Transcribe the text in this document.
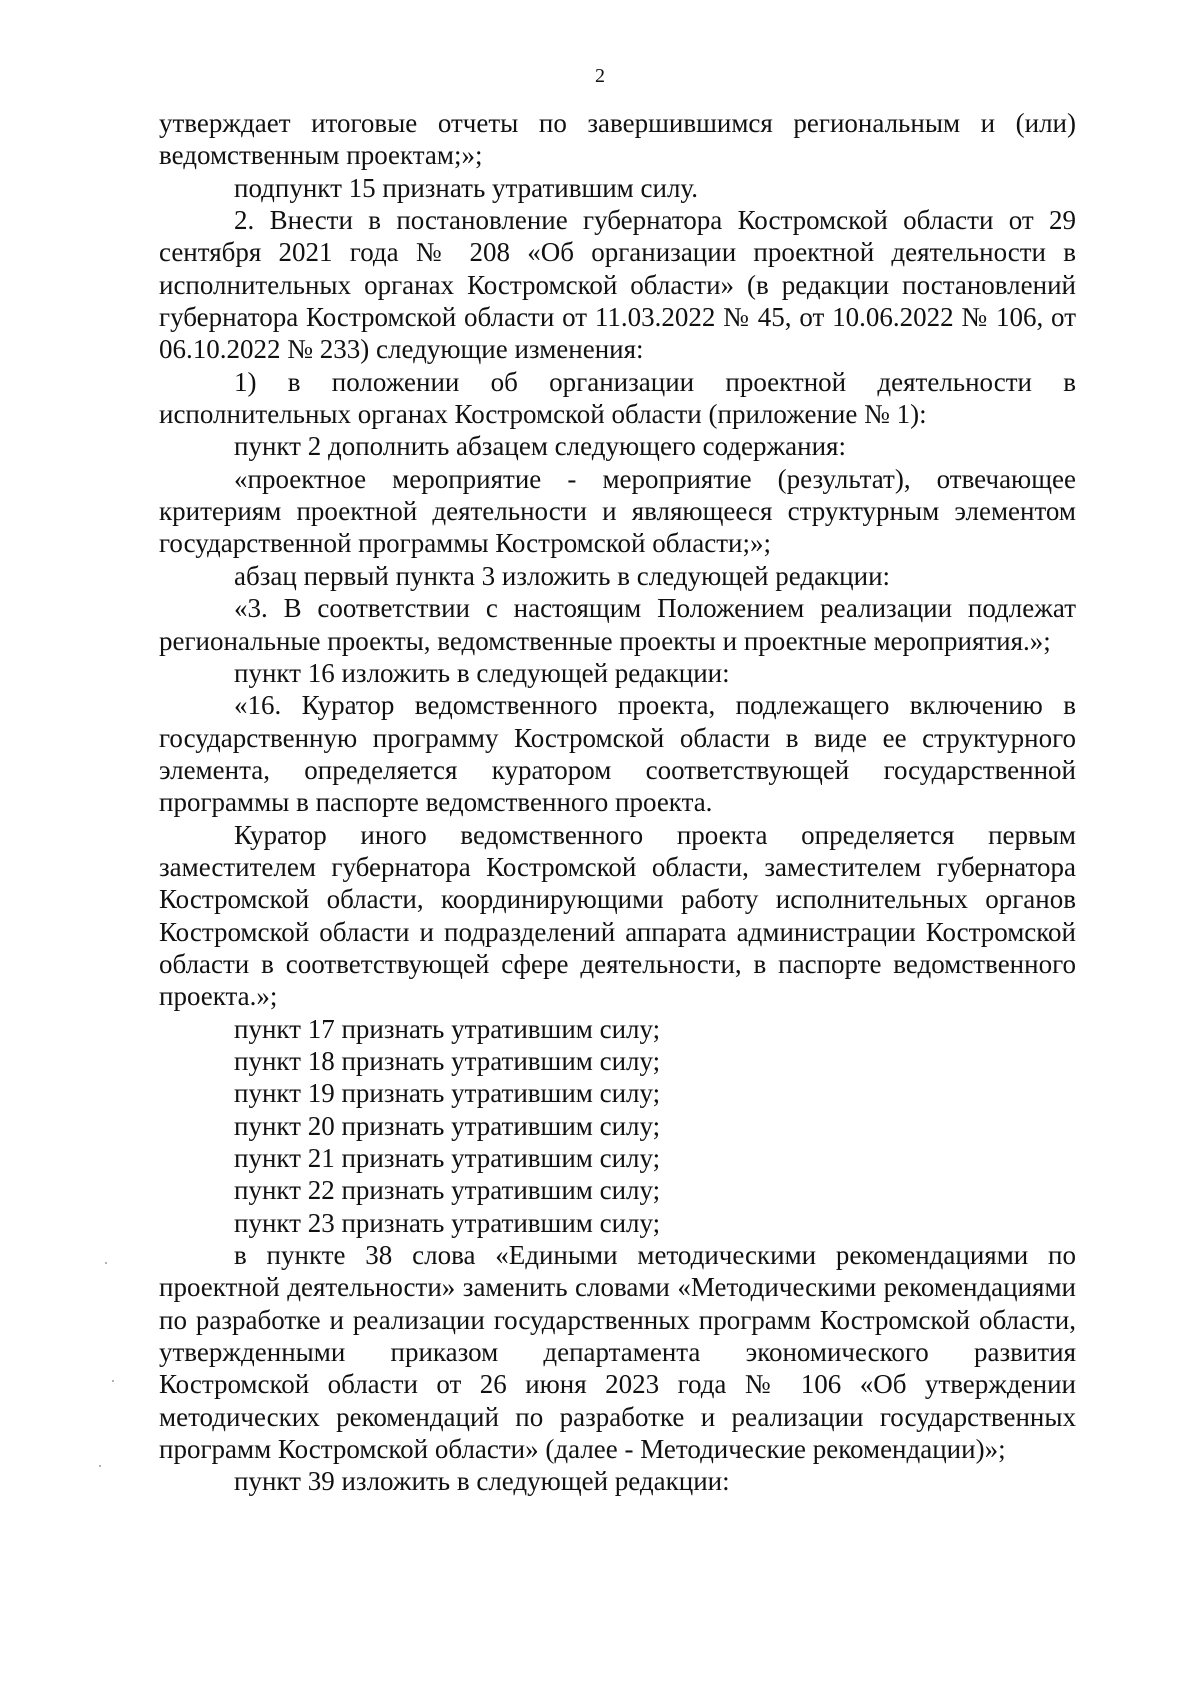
2

утверждает итоговые отчеты по завершившимся региональным и (или) ведомственным проектам;»;

подпункт 15 признать утратившим силу.

2. Внести в постановление губернатора Костромской области от 29 сентября 2021 года № 208 «Об организации проектной деятельности в исполнительных органах Костромской области» (в редакции постановлений губернатора Костромской области от 11.03.2022 № 45, от 10.06.2022 № 106, от 06.10.2022 № 233) следующие изменения:

1) в положении об организации проектной деятельности в исполнительных органах Костромской области (приложение № 1):

пункт 2 дополнить абзацем следующего содержания:

«проектное мероприятие - мероприятие (результат), отвечающее критериям проектной деятельности и являющееся структурным элементом государственной программы Костромской области;»;

абзац первый пункта 3 изложить в следующей редакции:

«3. В соответствии с настоящим Положением реализации подлежат региональные проекты, ведомственные проекты и проектные мероприятия.»;

пункт 16 изложить в следующей редакции:

«16. Куратор ведомственного проекта, подлежащего включению в государственную программу Костромской области в виде ее структурного элемента, определяется куратором соответствующей государственной программы в паспорте ведомственного проекта.

Куратор иного ведомственного проекта определяется первым заместителем губернатора Костромской области, заместителем губернатора Костромской области, координирующими работу исполнительных органов Костромской области и подразделений аппарата администрации Костромской области в соответствующей сфере деятельности, в паспорте ведомственного проекта.»;

пункт 17 признать утратившим силу;

пункт 18 признать утратившим силу;

пункт 19 признать утратившим силу;

пункт 20 признать утратившим силу;

пункт 21 признать утратившим силу;

пункт 22 признать утратившим силу;

пункт 23 признать утратившим силу;

в пункте 38 слова «Едиными методическими рекомендациями по проектной деятельности» заменить словами «Методическими рекомендациями по разработке и реализации государственных программ Костромской области, утвержденными приказом департамента экономического развития Костромской области от 26 июня 2023 года № 106 «Об утверждении методических рекомендаций по разработке и реализации государственных программ Костромской области» (далее - Методические рекомендации)»;

пункт 39 изложить в следующей редакции:
